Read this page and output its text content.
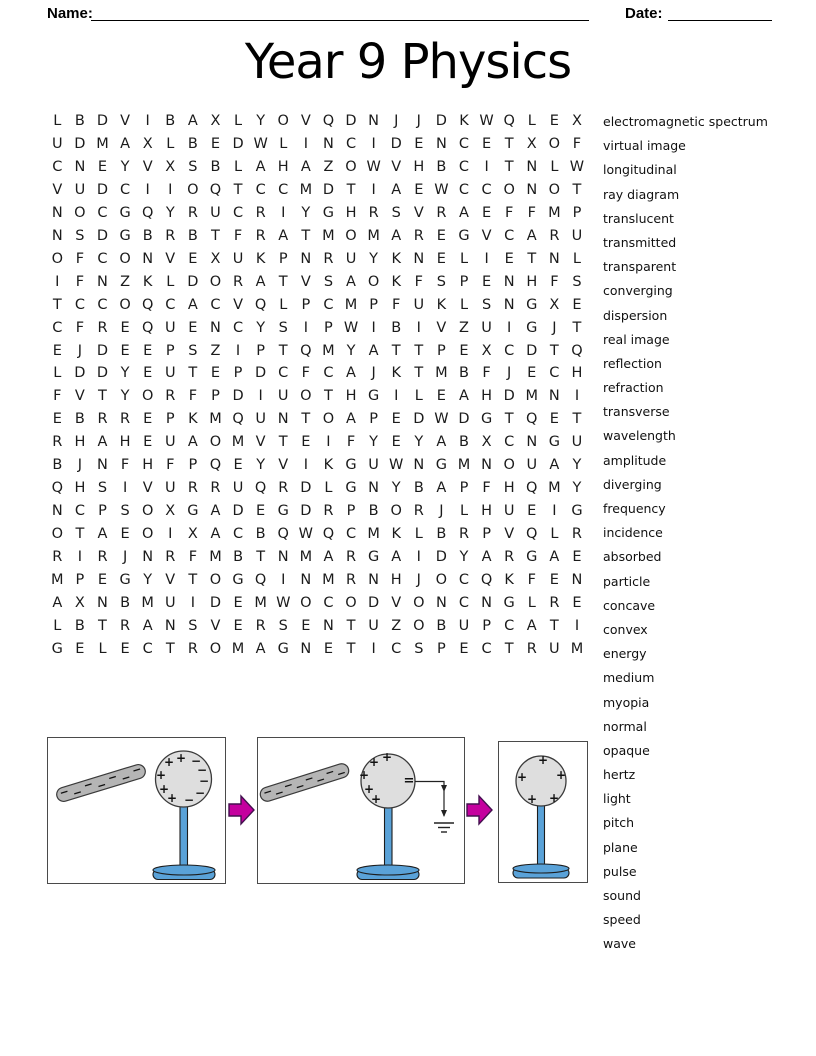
Name:	Date:
Year 9 Physics
L B D V	I	B A X L Y O V Q D N	J	J	D K W Q L E X
U D M A X L B E D W L	I	N C	I	D E N C E T X O F
C N E Y V X S B L A H A Z O W V H B C	I	T N L W
V U D C	I	I	O Q T C C M D T	I	A E W C C O N O T
N O C G Q Y R U C R	I	Y G H R S V R A E F F M P
N S D G B R B T F R A T M O M A R E G V C A R U
O F C O N V E X U K P N R U Y K N E L	I	E T N L
I	F N Z K L D O R A T V S A O K F S P E N H F S
T C C O Q C A C V Q L P C M P F U K L S N G X E
C F R E Q U E N C Y S	I	P W I	B	I	V Z U	I	G	J	T
E	J	D E E P S Z	I	P T Q M Y A T T P E X C D T Q
L D D Y E U T E P D C F C A	J	K T M B F	J	E C H
F V T Y O R F P D	I	U O T H G	I	L E A H D M N	I
E B R R E P K M Q U N T O A P E D W D G T Q E T
R H A H E U A O M V T E	I	F Y E Y A B X C N G U
B	J	N F H F P Q E Y V	I	K G U W N G M N O U A Y
Q H S	I	V U R R U Q R D L G N Y B A P F H Q M Y
N C P S O X G A D E G D R P B O R	J	L H U E	I	G
O T A E O	I	X A C B Q W Q C M K L B R P V Q L R
R	I	R	J	N R F M B T N M A R G A	I	D Y A R G A E
M P E G Y V T O G Q	I	N M R N H	J	O C Q K F E N
A X N B M U	I	D E M W O C O D V O N C N G L R E
L B T R A N S V E R S E N T U Z O B U P C A T	I
G E L E C T R O M A G N E T	I	C S P E C T R U M
electromagnetic spectrum
virtual image
longitudinal
ray diagram
translucent
transmitted
transparent
converging
dispersion
real image
reflection
refraction
transverse
wavelength
amplitude
diverging
frequency
incidence
absorbed
particle
concave
convex
energy
medium
myopia
normal
opaque
hertz
light
pitch
plane
pulse
sound
speed
wave
− −
− −
− −
−
+
+
+
+
+
−
−
−
−
−
− −
− −
− −
− −
+
+
+
+
+
=
+
+ +
+ +
